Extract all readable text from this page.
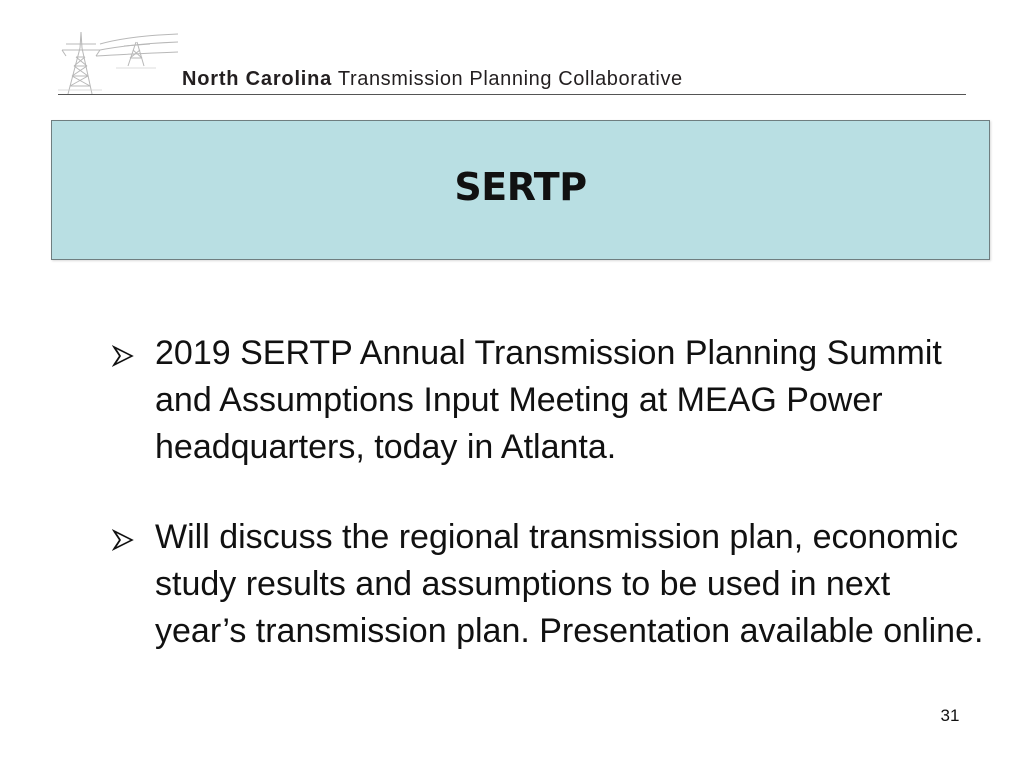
North Carolina Transmission Planning Collaborative
SERTP
2019 SERTP Annual Transmission Planning Summit and Assumptions Input Meeting at MEAG Power headquarters, today in Atlanta.
Will discuss the regional transmission plan, economic study results and assumptions to be used in next year’s transmission plan. Presentation available online.
31
